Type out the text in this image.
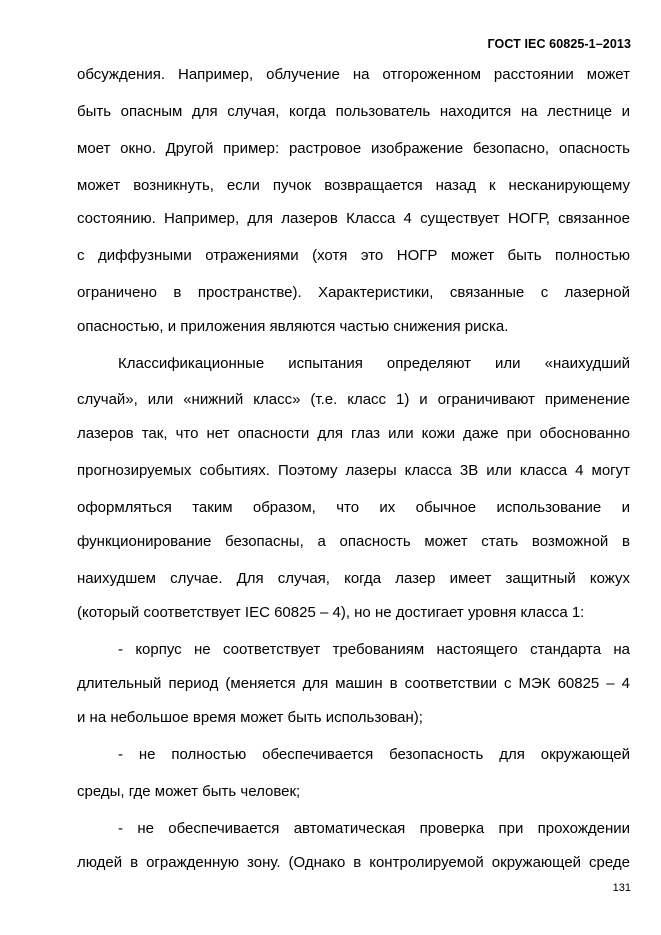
ГОСТ IEC 60825-1–2013
обсуждения. Например, облучение на отгороженном расстоянии может
быть опасным для случая, когда пользователь находится на лестнице и
моет окно. Другой пример: растровое изображение безопасно, опасность
может возникнуть, если пучок возвращается назад к несканирующему
состоянию. Например, для лазеров Класса 4 существует НОГР, связанное
с диффузными отражениями (хотя это НОГР может быть полностью
ограничено в пространстве). Характеристики, связанные с лазерной
опасностью, и приложения являются частью снижения риска.
Классификационные испытания определяют или «наихудший
случай», или «нижний класс» (т.е. класс 1) и ограничивают применение
лазеров так, что нет опасности для глаз или кожи даже при обоснованно
прогнозируемых событиях. Поэтому лазеры класса 3В или класса 4 могут
оформляться таким образом, что их обычное использование и
функционирование безопасны, а опасность может стать возможной в
наихудшем случае. Для случая, когда лазер имеет защитный кожух
(который соответствует IEC 60825 – 4), но не достигает уровня класса 1:
- корпус не соответствует требованиям настоящего стандарта на
длительный период (меняется для машин в соответствии с МЭК 60825 – 4
и на небольшое время может быть использован);
- не полностью обеспечивается безопасность для окружающей
среды, где может быть человек;
- не обеспечивается автоматическая проверка при прохождении
людей в огражденную зону. (Однако в контролируемой окружающей среде
131
